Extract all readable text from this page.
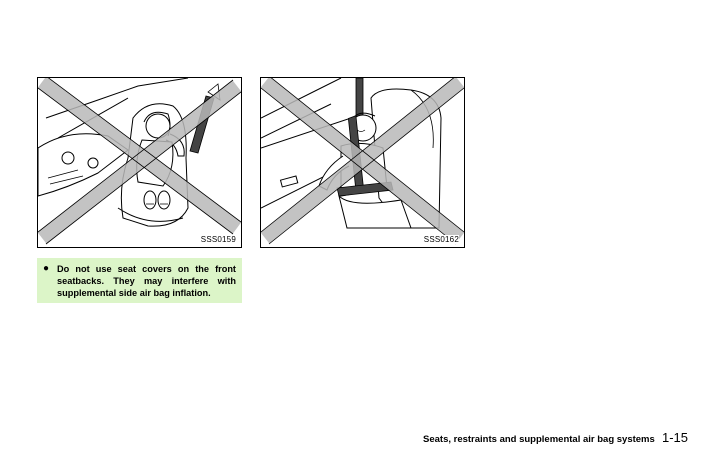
SSS0159	SSS0162
● Do not use seat covers on the front seatbacks. They may interfere with supplemental side air bag inflation.
Seats, restraints and supplemental air bag systems 1-15
